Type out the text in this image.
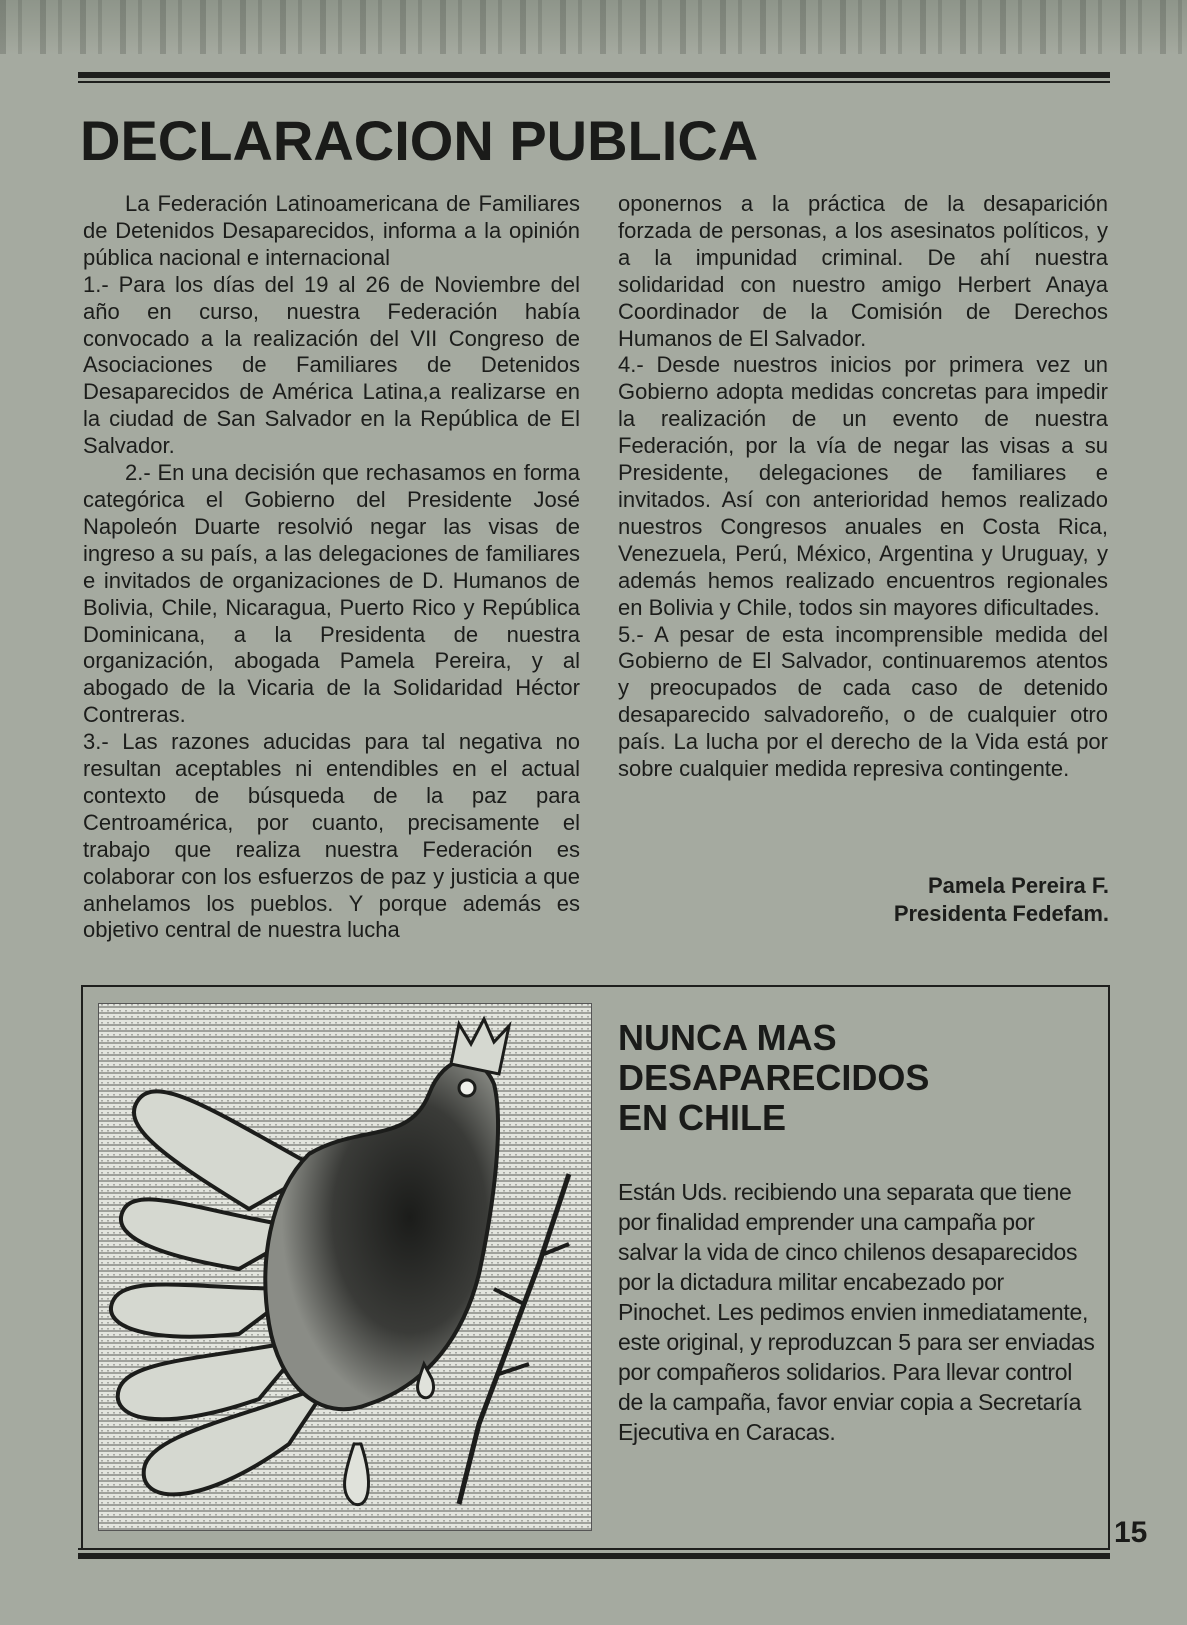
DECLARACION PUBLICA

La Federación Latinoamericana de Familiares de Detenidos Desaparecidos, informa a la opinión pública nacional e internacional

1.- Para los días del 19 al 26 de Noviembre del año en curso, nuestra Federación había convocado a la realización del VII Congreso de Asociaciones de Familiares de Detenidos Desaparecidos de América Latina,a realizarse en la ciudad de San Salvador en la República de El Salvador.

2.- En una decisión que rechasamos en forma categórica el Gobierno del Presidente José Napoleón Duarte resolvió negar las visas de ingreso a su país, a las delegaciones de familiares e invitados de organizaciones de D. Humanos de Bolivia, Chile, Nicaragua, Puerto Rico y República Dominicana, a la Presidenta de nuestra organización, abogada Pamela Pereira, y al abogado de la Vicaria de la Solidaridad Héctor Contreras.

3.- Las razones aducidas para tal negativa no resultan aceptables ni entendibles en el actual contexto de búsqueda de la paz para Centroamérica, por cuanto, precisamente el trabajo que realiza nuestra Federación es colaborar con los esfuerzos de paz y justicia a que anhelamos los pueblos. Y porque además es objetivo central de nuestra lucha

oponernos a la práctica de la desaparición forzada de personas, a los asesinatos políticos, y a la impunidad criminal. De ahí nuestra solidaridad con nuestro amigo Herbert Anaya Coordinador de la Comisión de Derechos Humanos de El Salvador.

4.- Desde nuestros inicios por primera vez un Gobierno adopta medidas concretas para impedir la realización de un evento de nuestra Federación, por la vía de negar las visas a su Presidente, delegaciones de familiares e invitados. Así con anterioridad hemos realizado nuestros Congresos anuales en Costa Rica, Venezuela, Perú, México, Argentina y Uruguay, y además hemos realizado encuentros regionales en Bolivia y Chile, todos sin mayores dificultades.

5.- A pesar de esta incomprensible medida del Gobierno de El Salvador, continuaremos atentos y preocupados de cada caso de detenido desaparecido salvadoreño, o de cualquier otro país. La lucha por el derecho de la Vida está por sobre cualquier medida represiva contingente.

Pamela Pereira F.
Presidenta Fedefam.
NUNCA MAS
DESAPARECIDOS
EN CHILE

Están Uds. recibiendo una separata que tiene por finalidad emprender una campaña por salvar la vida de cinco chilenos desaparecidos por la dictadura militar encabezado por Pinochet. Les pedimos envien inmediatamente, este original, y reproduzcan 5 para ser enviadas por compañeros solidarios. Para llevar control de la campaña, favor enviar copia a Secretaría Ejecutiva en Caracas.

15
